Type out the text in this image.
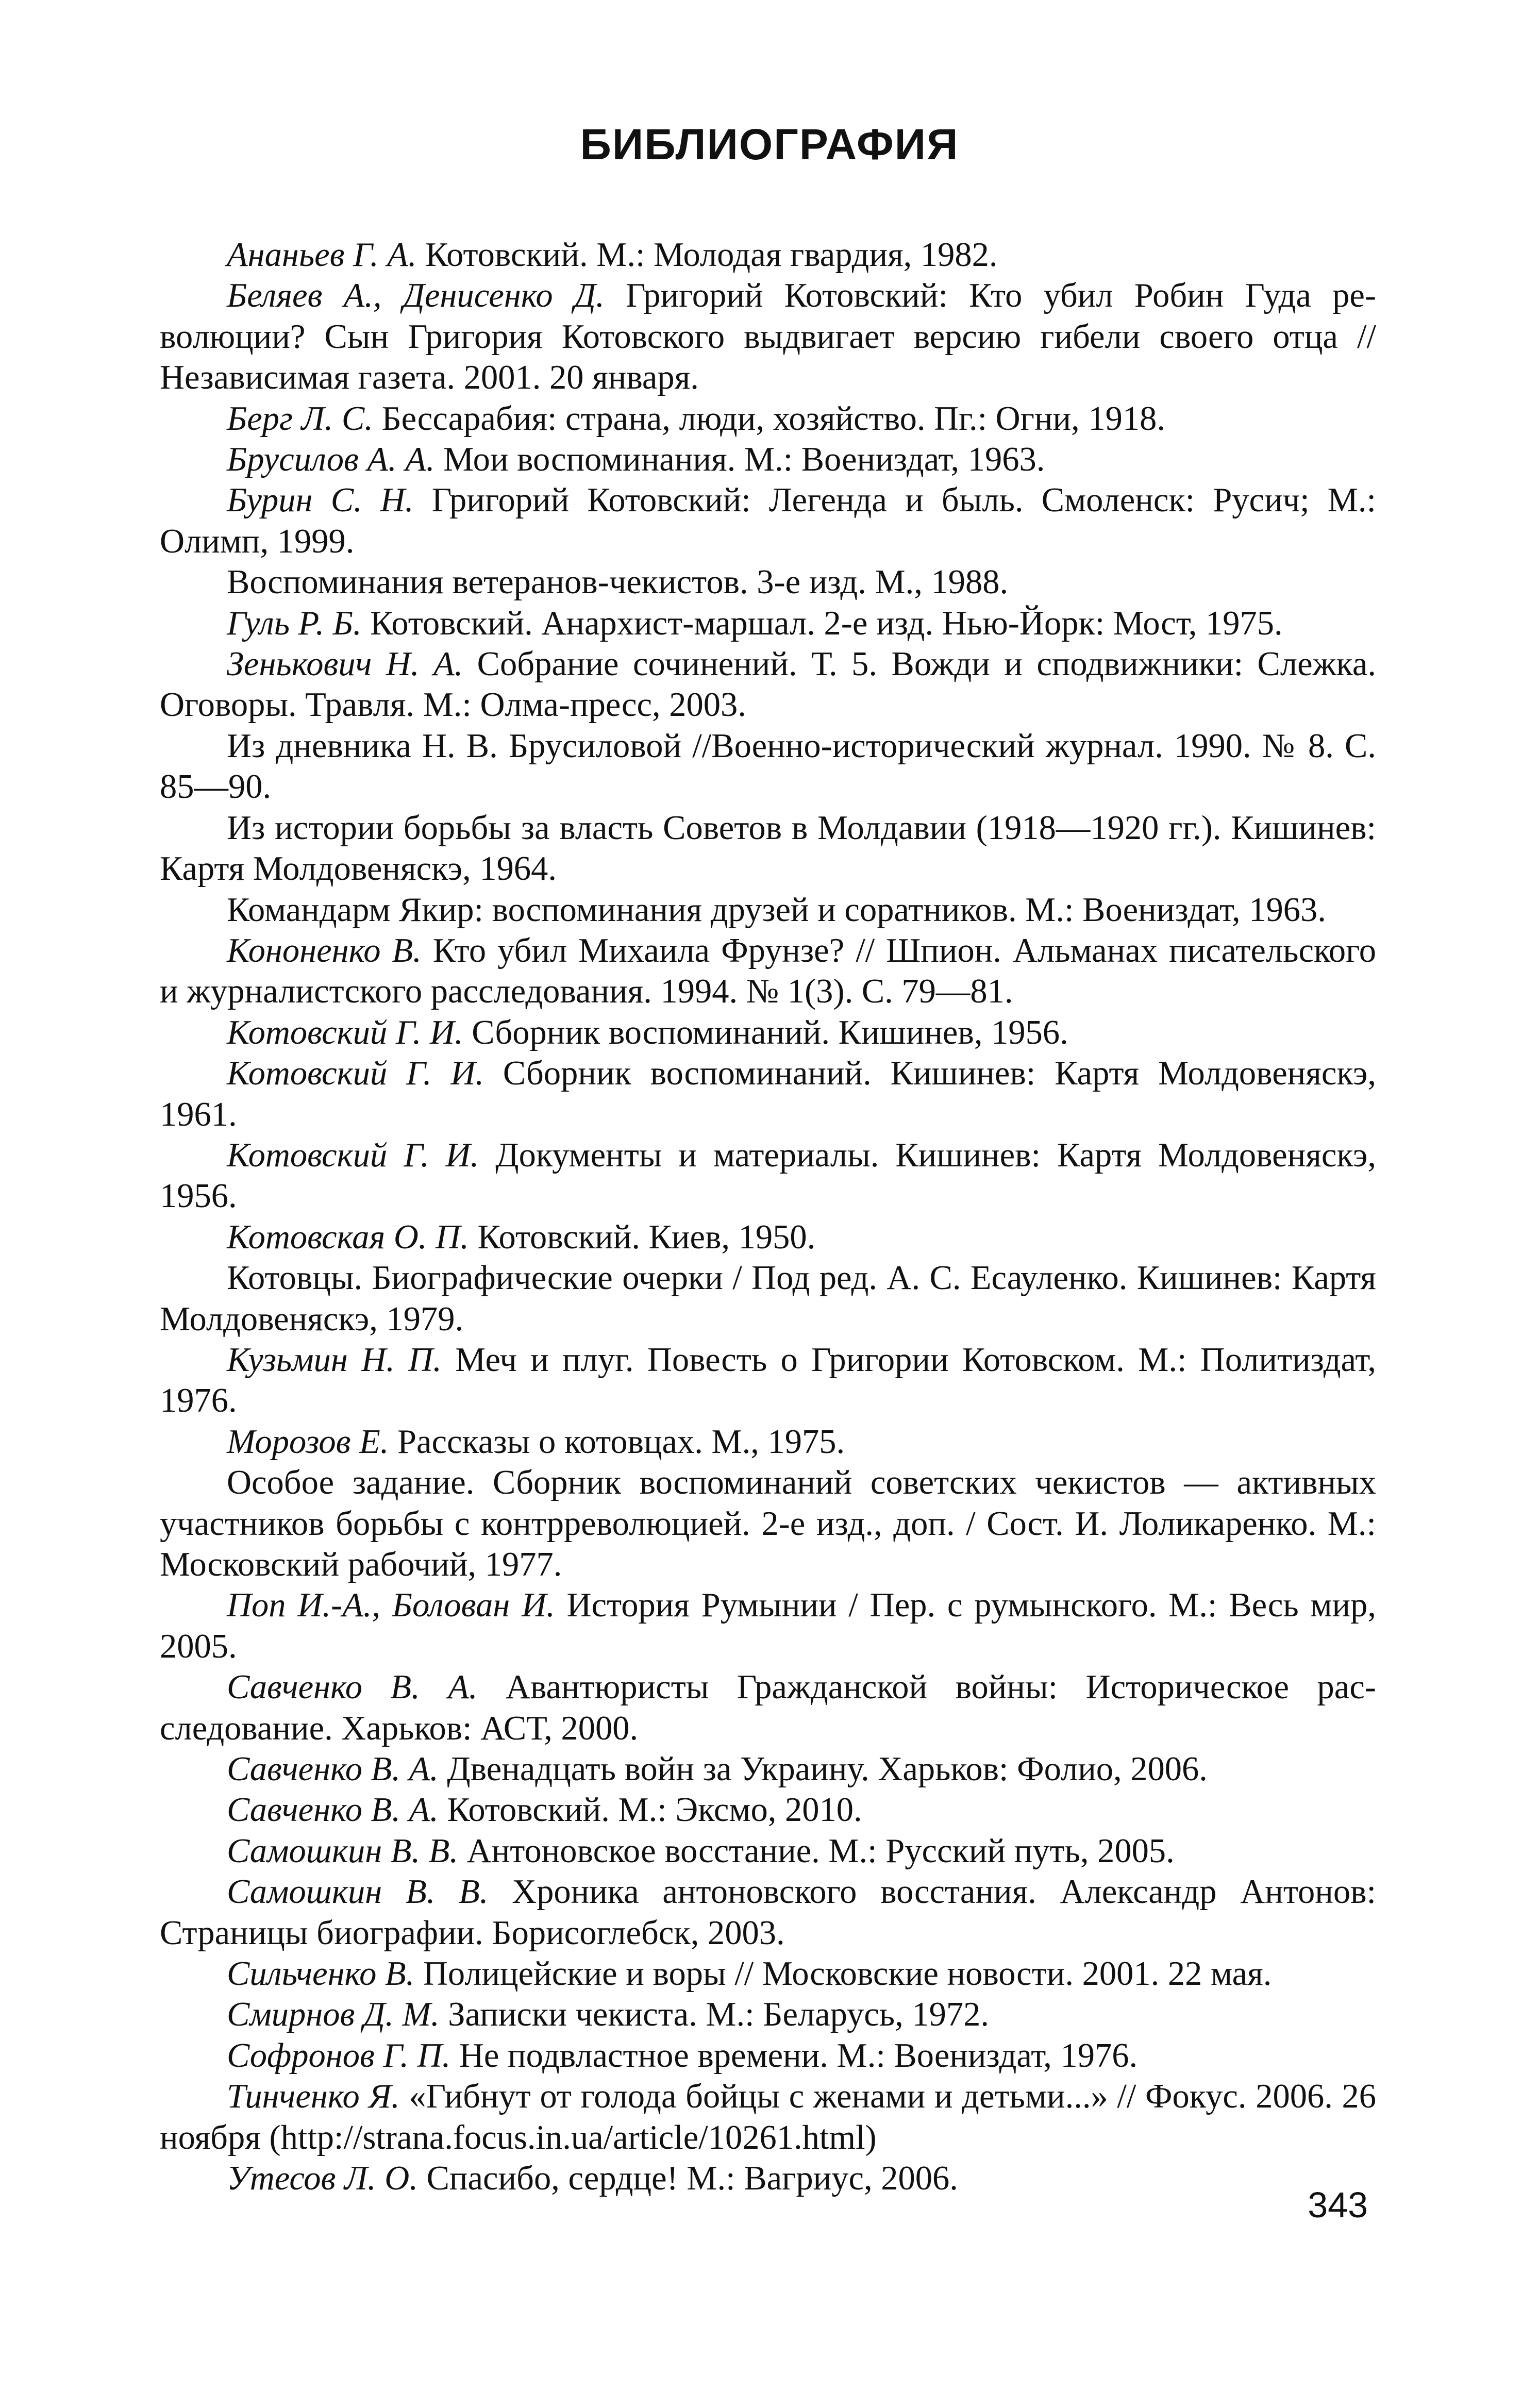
БИБЛИОГРАФИЯ
Ананьев Г. А. Котовский. М.: Молодая гвардия, 1982.
Беляев А., Денисенко Д. Григорий Котовский: Кто убил Робин Гуда революции? Сын Григория Котовского выдвигает версию гибели своего отца // Независимая газета. 2001. 20 января.
Берг Л. С. Бессарабия: страна, люди, хозяйство. Пг.: Огни, 1918.
Брусилов А. А. Мои воспоминания. М.: Воениздат, 1963.
Бурин С. Н. Григорий Котовский: Легенда и быль. Смоленск: Русич; М.: Олимп, 1999.
Воспоминания ветеранов-чекистов. 3-е изд. М., 1988.
Гуль Р. Б. Котовский. Анархист-маршал. 2-е изд. Нью-Йорк: Мост, 1975.
Зенькович Н. А. Собрание сочинений. Т. 5. Вожди и сподвижники: Слежка. Оговоры. Травля. М.: Олма-пресс, 2003.
Из дневника Н. В. Брусиловой //Военно-исторический журнал. 1990. № 8. С. 85—90.
Из истории борьбы за власть Советов в Молдавии (1918—1920 гг.). Кишинев: Картя Молдовеняскэ, 1964.
Командарм Якир: воспоминания друзей и соратников. М.: Воениздат, 1963.
Кононенко В. Кто убил Михаила Фрунзе? // Шпион. Альманах писательского и журналистского расследования. 1994. № 1(3). С. 79—81.
Котовский Г. И. Сборник воспоминаний. Кишинев, 1956.
Котовский Г. И. Сборник воспоминаний. Кишинев: Картя Молдовеняскэ, 1961.
Котовский Г. И. Документы и материалы. Кишинев: Картя Молдовеняскэ, 1956.
Котовская О. П. Котовский. Киев, 1950.
Котовцы. Биографические очерки / Под ред. А. С. Есауленко. Кишинев: Картя Молдовеняскэ, 1979.
Кузьмин Н. П. Меч и плуг. Повесть о Григории Котовском. М.: Политиздат, 1976.
Морозов Е. Рассказы о котовцах. М., 1975.
Особое задание. Сборник воспоминаний советских чекистов — активных участников борьбы с контрреволюцией. 2-е изд., доп. / Сост. И. Лоликаренко. М.: Московский рабочий, 1977.
Поп И.-А., Болован И. История Румынии / Пер. с румынского. М.: Весь мир, 2005.
Савченко В. А. Авантюристы Гражданской войны: Историческое расследование. Харьков: АСТ, 2000.
Савченко В. А. Двенадцать войн за Украину. Харьков: Фолио, 2006.
Савченко В. А. Котовский. М.: Эксмо, 2010.
Самошкин В. В. Антоновское восстание. М.: Русский путь, 2005.
Самошкин В. В. Хроника антоновского восстания. Александр Антонов: Страницы биографии. Борисоглебск, 2003.
Сильченко В. Полицейские и воры // Московские новости. 2001. 22 мая.
Смирнов Д. М. Записки чекиста. М.: Беларусь, 1972.
Софронов Г. П. Не подвластное времени. М.: Воениздат, 1976.
Тинченко Я. «Гибнут от голода бойцы с женами и детьми...» // Фокус. 2006. 26 ноября (http://strana.focus.in.ua/article/10261.html)
Утесов Л. О. Спасибо, сердце! М.: Вагриус, 2006.
343
